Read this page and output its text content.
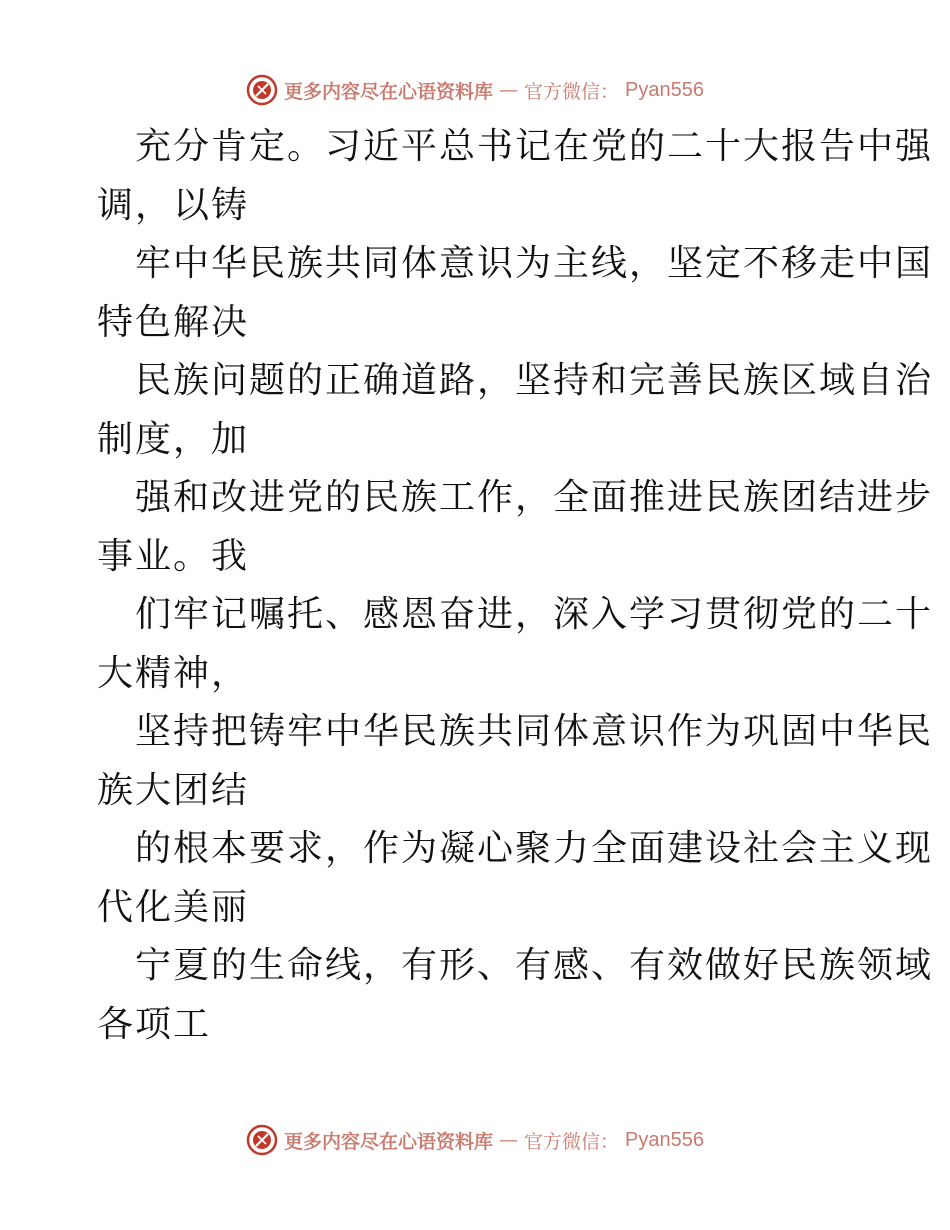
更多内容尽在心语资料库 — 官方微信： Pyan556
充分肯定。习近平总书记在党的二十大报告中强
调，以铸
牢中华民族共同体意识为主线，坚定不移走中国
特色解决
民族问题的正确道路，坚持和完善民族区域自治
制度，加
强和改进党的民族工作，全面推进民族团结进步
事业。我
们牢记嘱托、感恩奋进，深入学习贯彻党的二十
大精神，
坚持把铸牢中华民族共同体意识作为巩固中华民
族大团结
的根本要求，作为凝心聚力全面建设社会主义现
代化美丽
宁夏的生命线，有形、有感、有效做好民族领域
各项工
更多内容尽在心语资料库 — 官方微信： Pyan556
